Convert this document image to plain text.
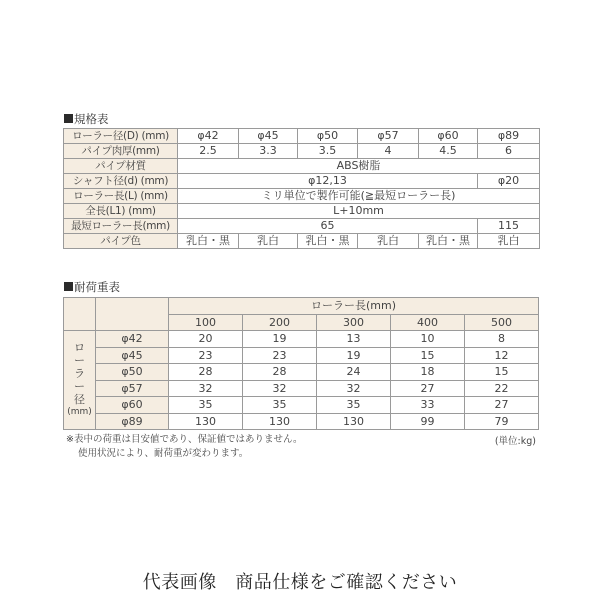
規格表
ローラー径(D) (mm)	φ42	φ45	φ50	φ57	φ60	φ89
パイプ肉厚(mm)	2.5	3.3	3.5	4	4.5	6
パイプ材質	ABS樹脂					
シャフト径(d) (mm)	φ12,13					φ20
ローラー長(L) (mm)	ミリ単位で製作可能(≧最短ローラー長)					
全長(L1) (mm)	L+10mm					
最短ローラー長(mm)	65					115
パイプ色	乳白・黒	乳白	乳白・黒	乳白	乳白・黒	乳白
耐荷重表
		ローラー長(mm)				
		100	200	300	400	500

ロ
ー
ラ
ー
径
(mm)
	φ42	20	19	13	10	8
	φ45	23	23	19	15	12
	φ50	28	28	24	18	15
	φ57	32	32	32	27	22
	φ60	35	35	35	33	27
	φ89	130	130	130	99	79
※表中の荷重は目安値であり、保証値ではありません。
使用状況により、耐荷重が変わります。
(単位:kg)
代表画像　商品仕様をご確認ください
